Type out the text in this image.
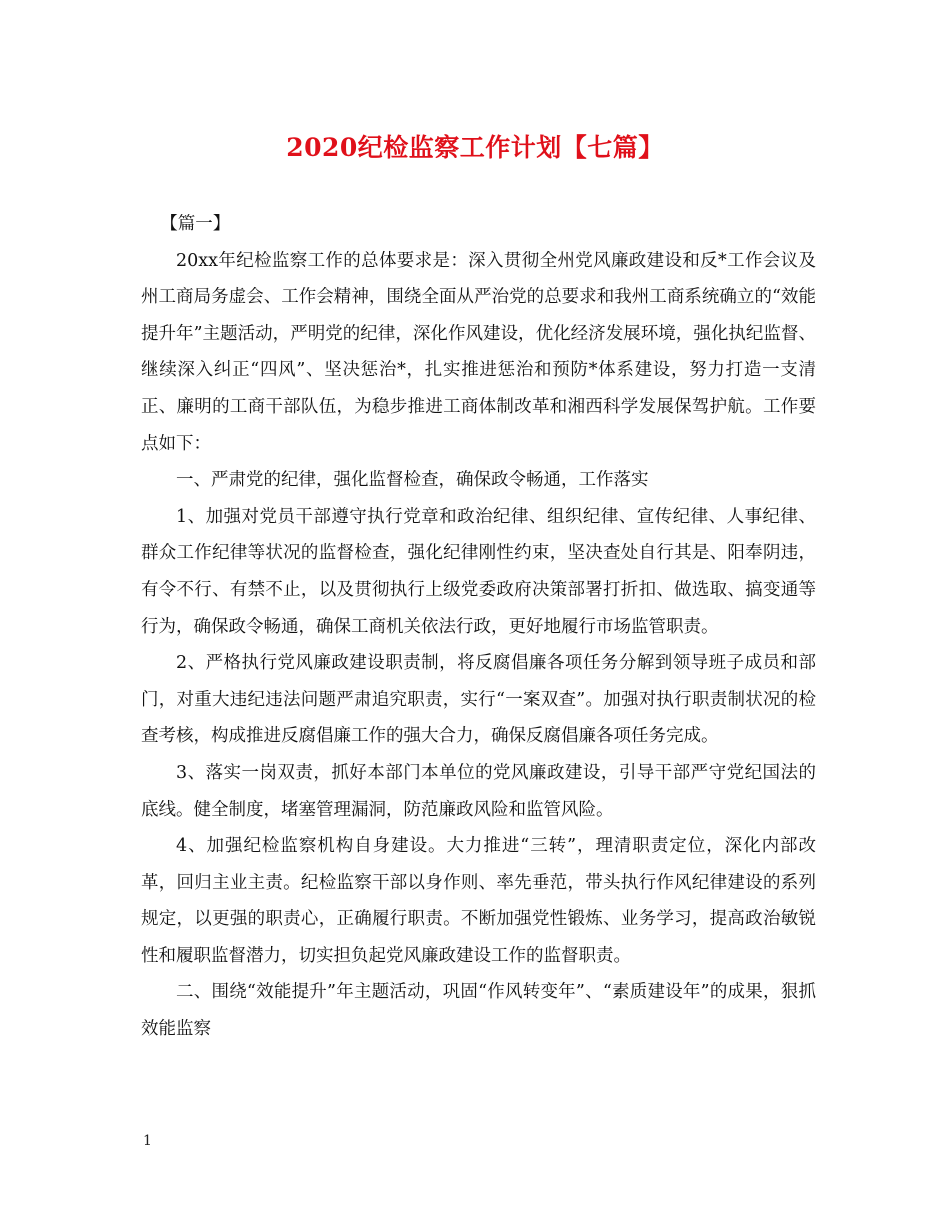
2020纪检监察工作计划【七篇】

【篇一】

20xx年纪检监察工作的总体要求是：深入贯彻全州党风廉政建设和反*工作会议及州工商局务虚会、工作会精神，围绕全面从严治党的总要求和我州工商系统确立的“效能提升年”主题活动，严明党的纪律，深化作风建设，优化经济发展环境，强化执纪监督、继续深入纠正“四风”、坚决惩治*，扎实推进惩治和预防*体系建设，努力打造一支清正、廉明的工商干部队伍，为稳步推进工商体制改革和湘西科学发展保驾护航。工作要点如下：

一、严肃党的纪律，强化监督检查，确保政令畅通，工作落实

1、加强对党员干部遵守执行党章和政治纪律、组织纪律、宣传纪律、人事纪律、群众工作纪律等状况的监督检查，强化纪律刚性约束，坚决查处自行其是、阳奉阴违，有令不行、有禁不止，以及贯彻执行上级党委政府决策部署打折扣、做选取、搞变通等行为，确保政令畅通，确保工商机关依法行政，更好地履行市场监管职责。

2、严格执行党风廉政建设职责制，将反腐倡廉各项任务分解到领导班子成员和部门，对重大违纪违法问题严肃追究职责，实行“一案双查”。加强对执行职责制状况的检查考核，构成推进反腐倡廉工作的强大合力，确保反腐倡廉各项任务完成。

3、落实一岗双责，抓好本部门本单位的党风廉政建设，引导干部严守党纪国法的底线。健全制度，堵塞管理漏洞，防范廉政风险和监管风险。

4、加强纪检监察机构自身建设。大力推进“三转”，理清职责定位，深化内部改革，回归主业主责。纪检监察干部以身作则、率先垂范，带头执行作风纪律建设的系列规定，以更强的职责心，正确履行职责。不断加强党性锻炼、业务学习，提高政治敏锐性和履职监督潜力，切实担负起党风廉政建设工作的监督职责。

二、围绕“效能提升”年主题活动，巩固“作风转变年”、“素质建设年”的成果，狠抓效能监察

1
